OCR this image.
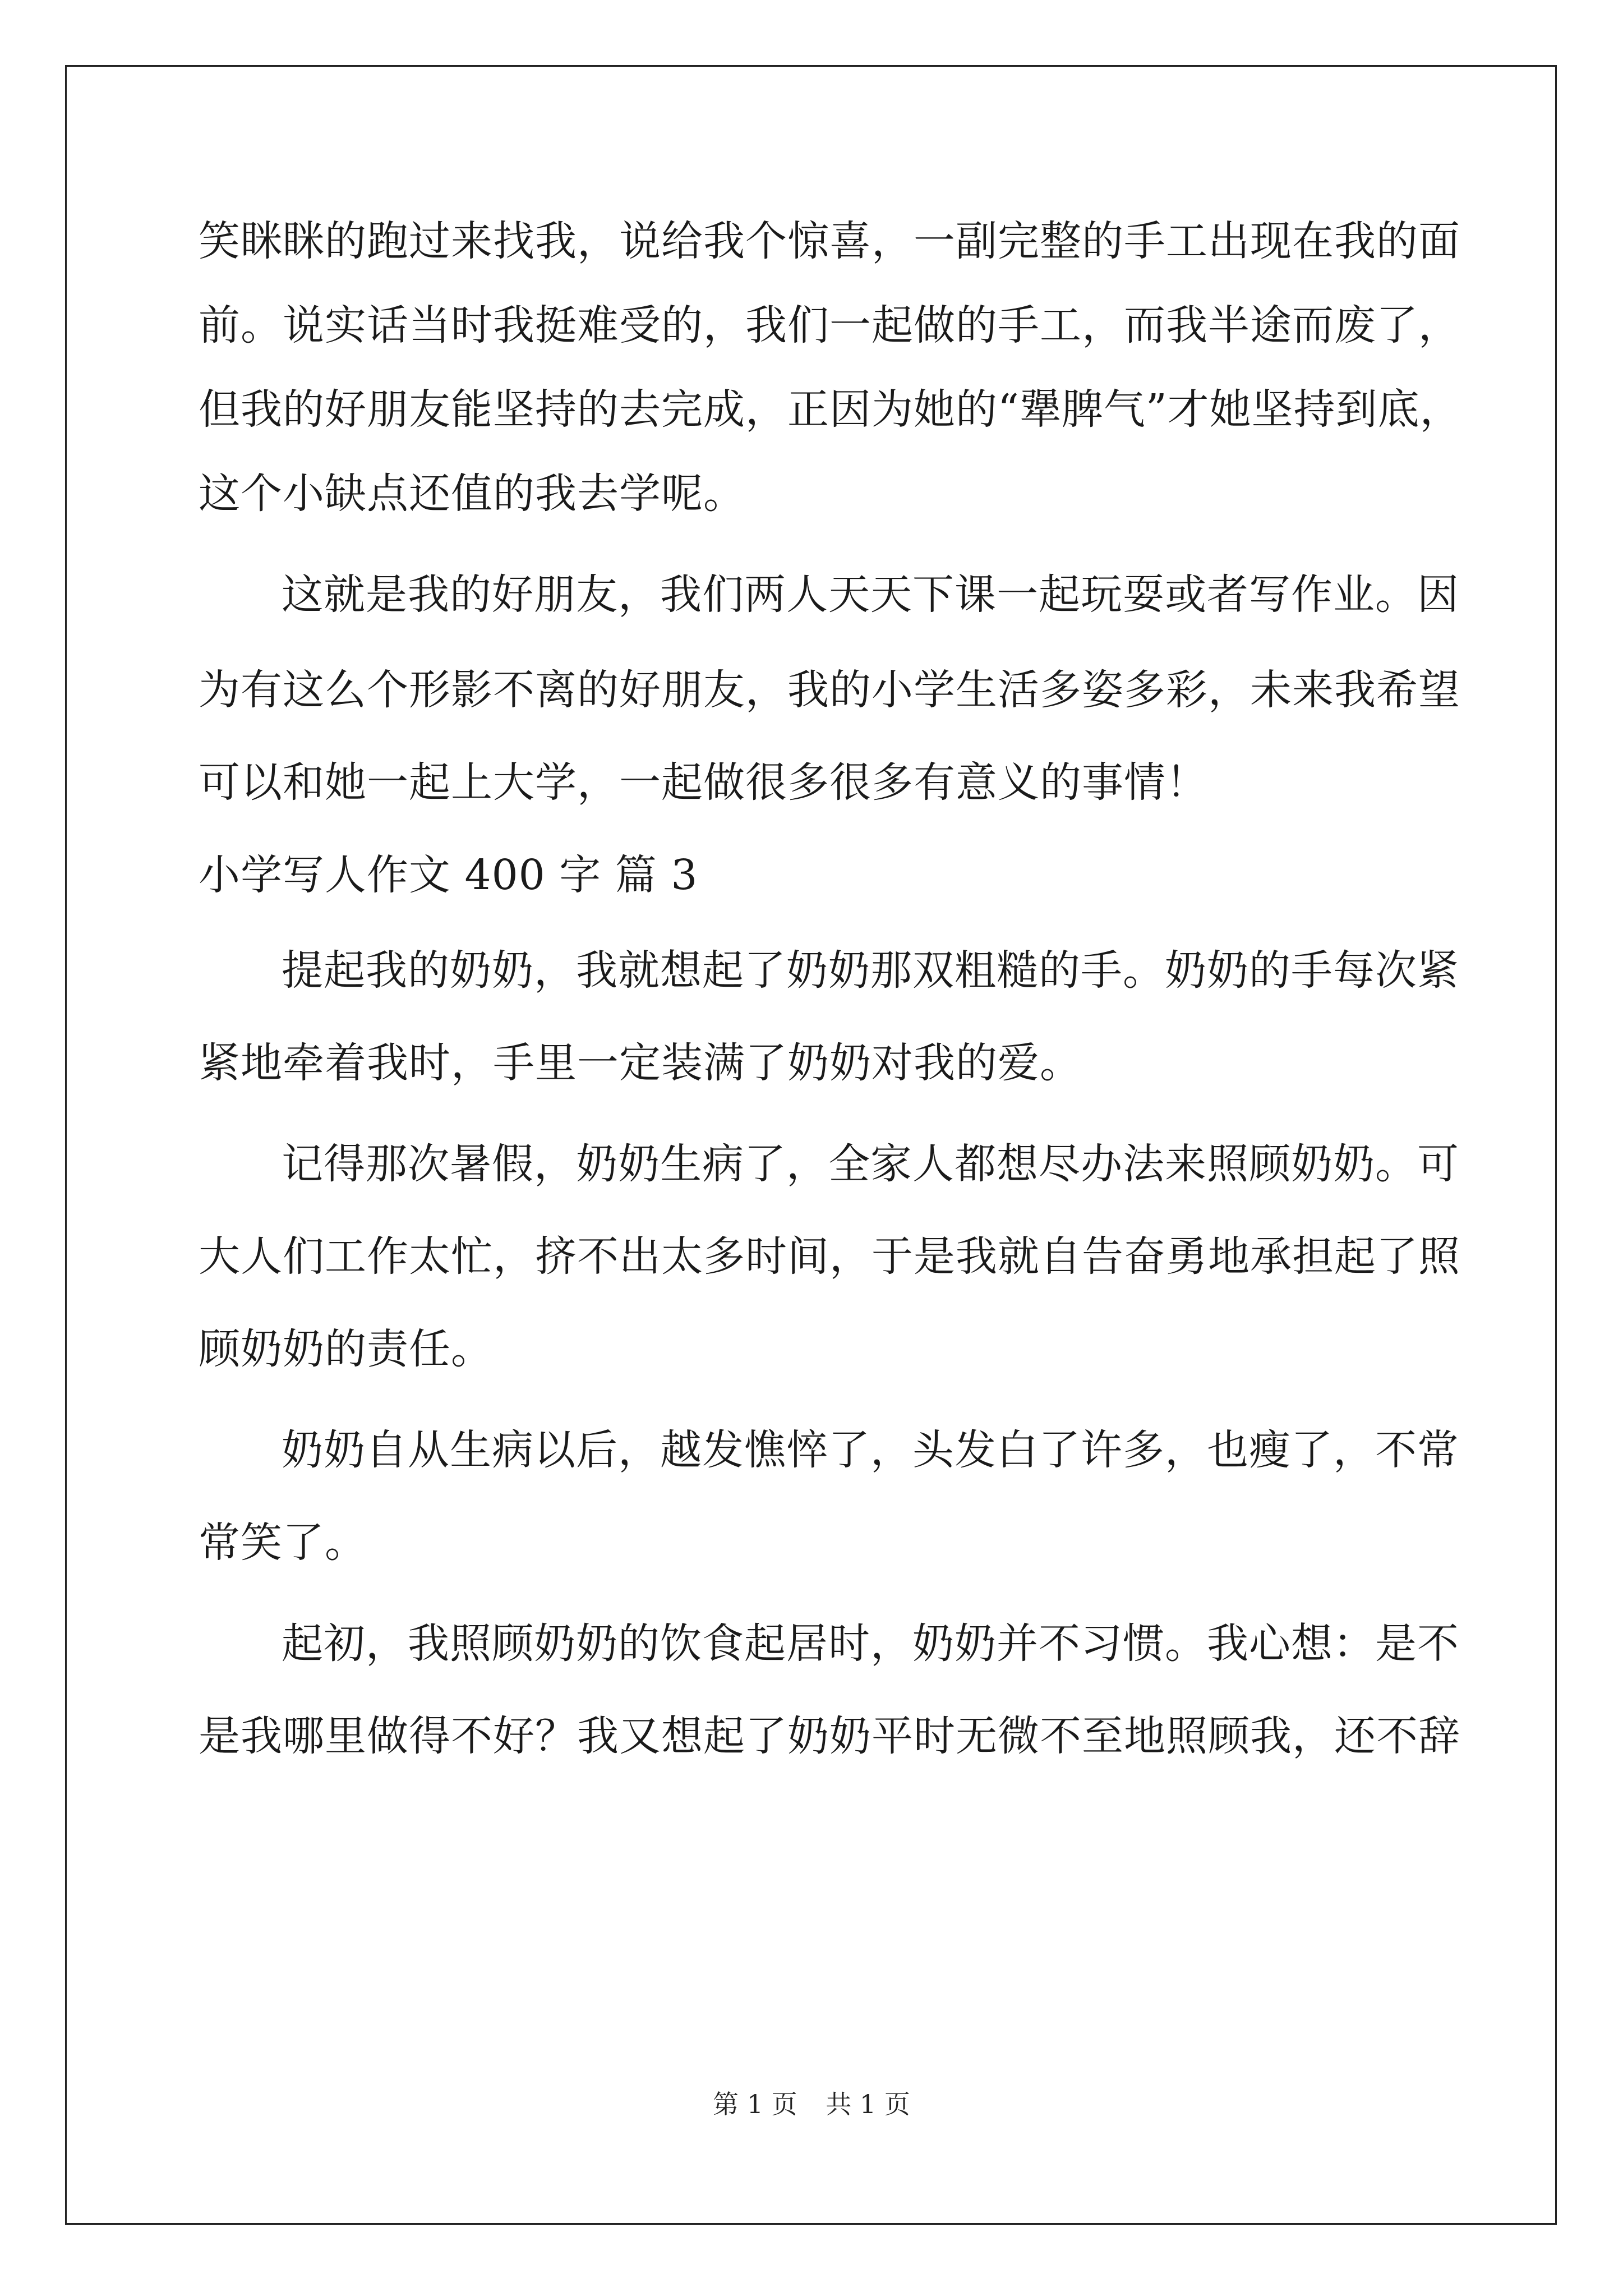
笑眯眯的跑过来找我，说给我个惊喜，一副完整的手工出现在我的面
前。说实话当时我挺难受的，我们一起做的手工，而我半途而废了，
但我的好朋友能坚持的去完成，正因为她的“犟脾气”才她坚持到底，
这个小缺点还值的我去学呢。
这就是我的好朋友，我们两人天天下课一起玩耍或者写作业。因
为有这么个形影不离的好朋友，我的小学生活多姿多彩，未来我希望
可以和她一起上大学，一起做很多很多有意义的事情！
小学写人作文 400 字 篇 3
提起我的奶奶，我就想起了奶奶那双粗糙的手。奶奶的手每次紧
紧地牵着我时，手里一定装满了奶奶对我的爱。
记得那次暑假，奶奶生病了，全家人都想尽办法来照顾奶奶。可
大人们工作太忙，挤不出太多时间，于是我就自告奋勇地承担起了照
顾奶奶的责任。
奶奶自从生病以后，越发憔悴了，头发白了许多，也瘦了，不常
常笑了。
起初，我照顾奶奶的饮食起居时，奶奶并不习惯。我心想：是不
是我哪里做得不好？我又想起了奶奶平时无微不至地照顾我，还不辞
第 1 页 共 1 页
